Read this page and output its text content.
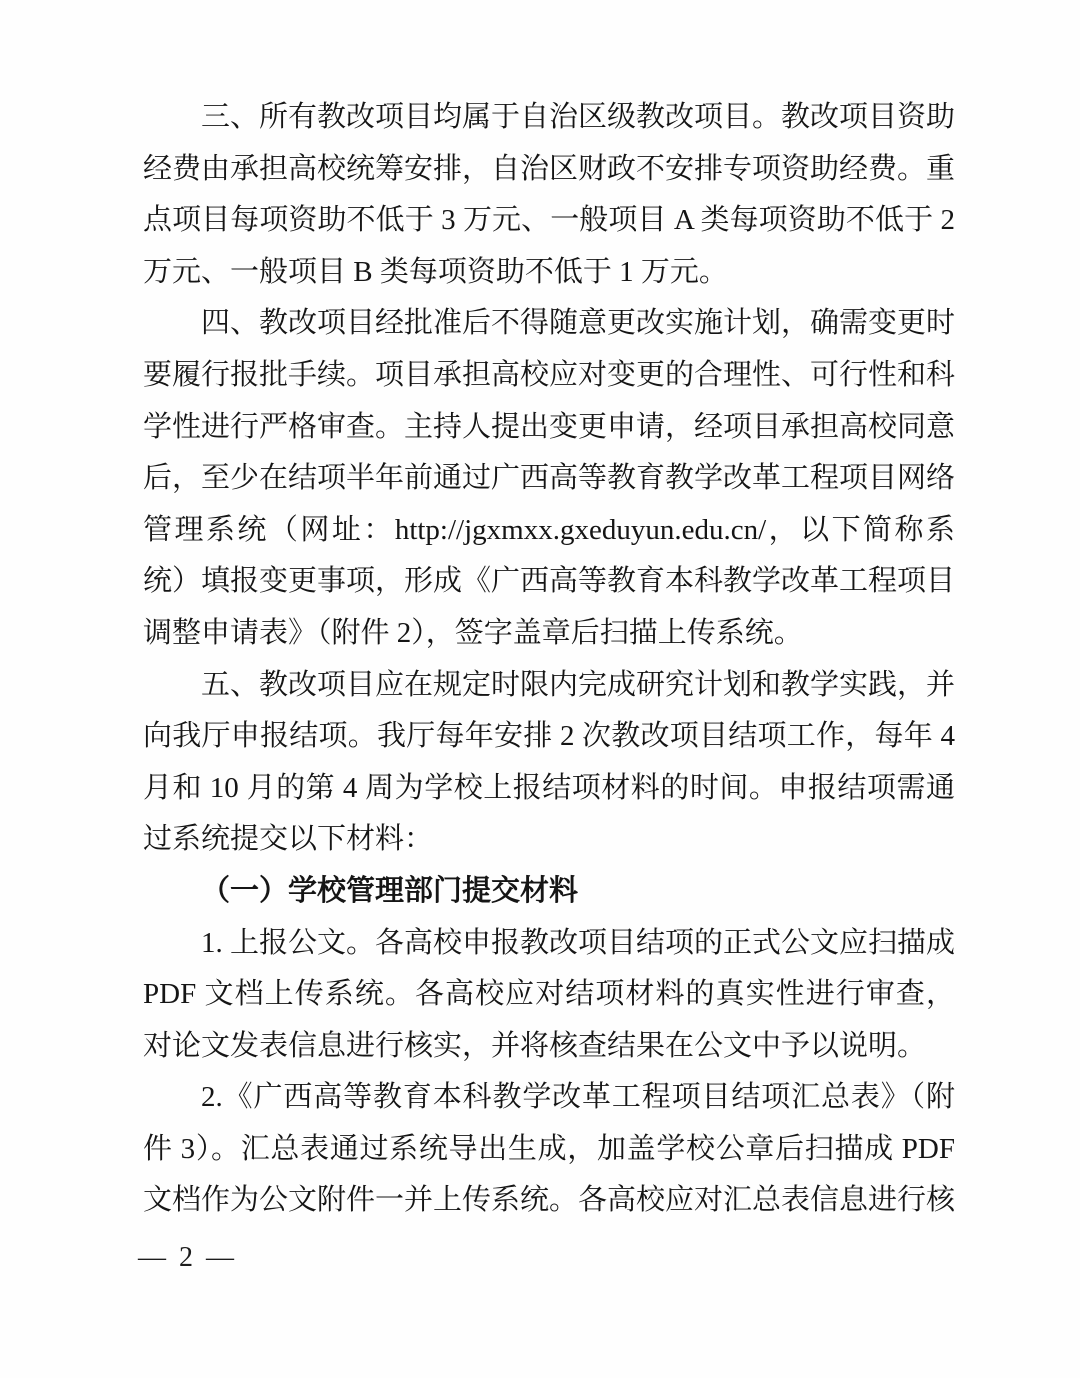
三、所有教改项目均属于自治区级教改项目。教改项目资助经费由承担高校统筹安排，自治区财政不安排专项资助经费。重点项目每项资助不低于 3 万元、一般项目 A 类每项资助不低于 2 万元、一般项目 B 类每项资助不低于 1 万元。

四、教改项目经批准后不得随意更改实施计划，确需变更时要履行报批手续。项目承担高校应对变更的合理性、可行性和科学性进行严格审查。主持人提出变更申请，经项目承担高校同意后，至少在结项半年前通过广西高等教育教学改革工程项目网络管理系统（网址：http://jgxmxx.gxeduyun.edu.cn/，以下简称系统）填报变更事项，形成《广西高等教育本科教学改革工程项目调整申请表》（附件 2），签字盖章后扫描上传系统。

五、教改项目应在规定时限内完成研究计划和教学实践，并向我厅申报结项。我厅每年安排 2 次教改项目结项工作，每年 4 月和 10 月的第 4 周为学校上报结项材料的时间。申报结项需通过系统提交以下材料：

（一）学校管理部门提交材料

1. 上报公文。各高校申报教改项目结项的正式公文应扫描成 PDF 文档上传系统。各高校应对结项材料的真实性进行审查，对论文发表信息进行核实，并将核查结果在公文中予以说明。

2.《广西高等教育本科教学改革工程项目结项汇总表》（附件 3）。汇总表通过系统导出生成，加盖学校公章后扫描成 PDF 文档作为公文附件一并上传系统。各高校应对汇总表信息进行核

— 2 —
